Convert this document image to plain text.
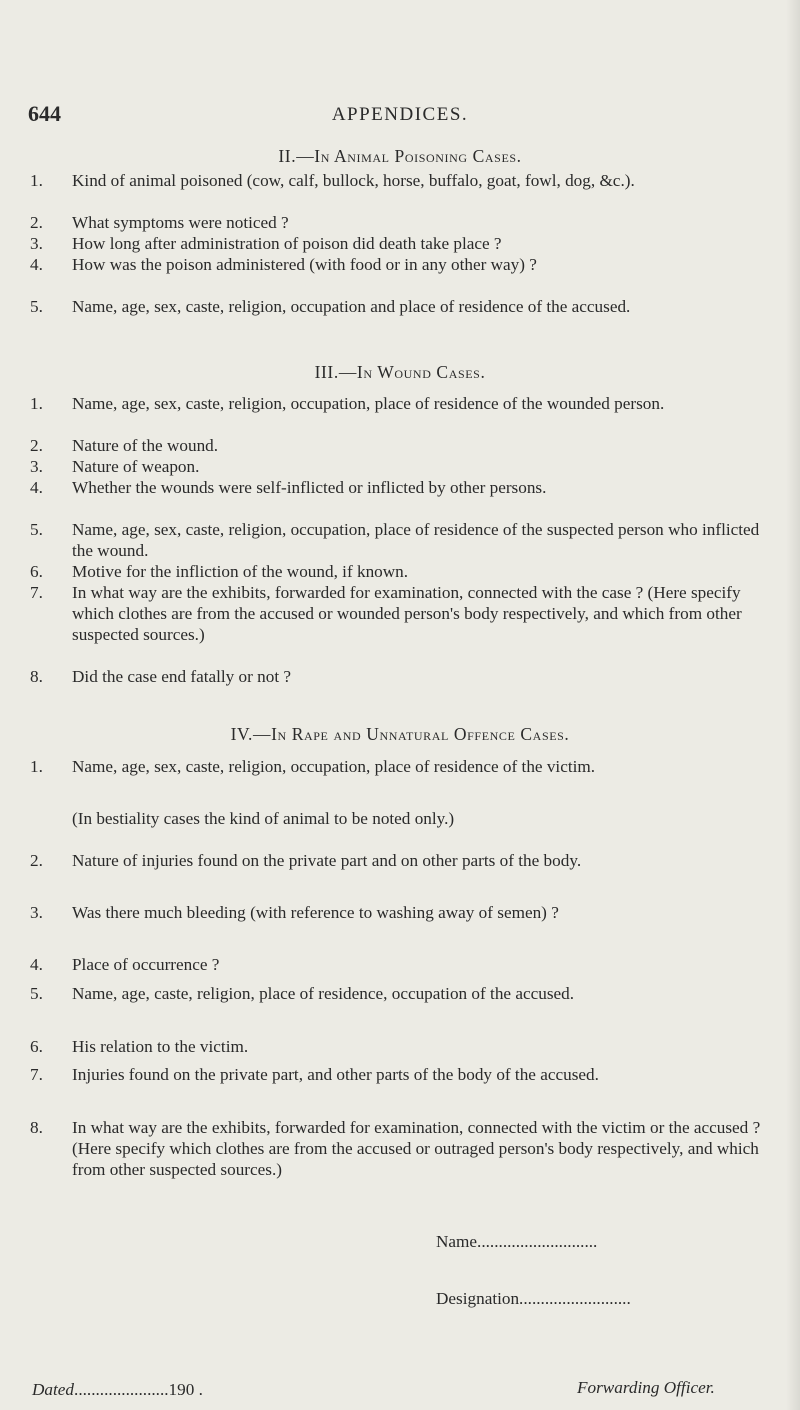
644	APPENDICES.
II.—In Animal Poisoning Cases.
1.	Kind of animal poisoned (cow, calf, bullock, horse, buffalo, goat, fowl, dog, &c.).
2.	What symptoms were noticed ?
3.	How long after administration of poison did death take place ?
4.	How was the poison administered (with food or in any other way) ?
5.	Name, age, sex, caste, religion, occupation and place of residence of the accused.
III.—In Wound Cases.
1.	Name, age, sex, caste, religion, occupation, place of residence of the wounded person.
2.	Nature of the wound.
3.	Nature of weapon.
4.	Whether the wounds were self-inflicted or inflicted by other persons.
5.	Name, age, sex, caste, religion, occupation, place of residence of the suspected person who inflicted the wound.
6.	Motive for the infliction of the wound, if known.
7.	In what way are the exhibits, forwarded for examination, connected with the case ? (Here specify which clothes are from the accused or wounded person's body respectively, and which from other suspected sources.)
8.	Did the case end fatally or not ?
IV.—In Rape and Unnatural Offence Cases.
1.	Name, age, sex, caste, religion, occupation, place of residence of the victim.
(In bestiality cases the kind of animal to be noted only.)
2.	Nature of injuries found on the private part and on other parts of the body.
3.	Was there much bleeding (with reference to washing away of semen) ?
4.	Place of occurrence ?
5.	Name, age, caste, religion, place of residence, occupation of the accused.
6.	His relation to the victim.
7.	Injuries found on the private part, and other parts of the body of the accused.
8.	In what way are the exhibits, forwarded for examination, connected with the victim or the accused ? (Here specify which clothes are from the accused or outraged person's body respectively, and which from other suspected sources.)
Name............................
Designation..........................
Dated......................190 .	Forwarding Officer.
